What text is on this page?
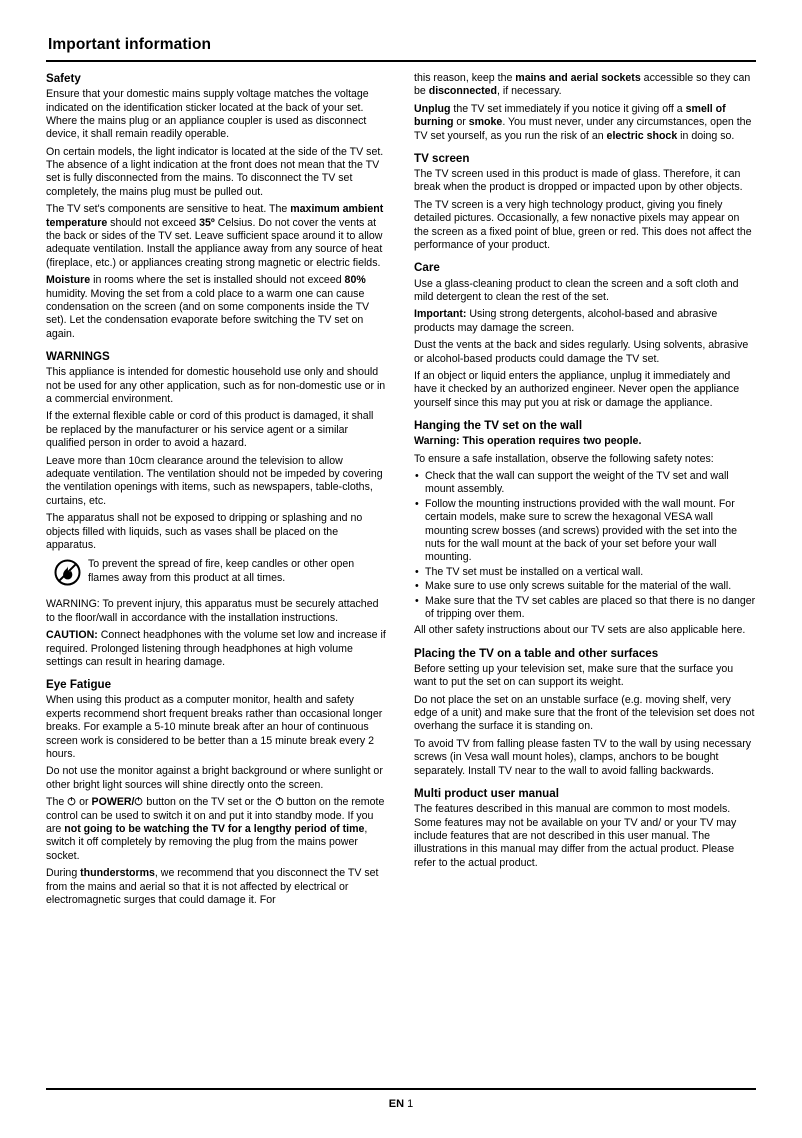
Important information
Safety

Ensure that your domestic mains supply voltage matches the voltage indicated on the identification sticker located at the back of your set. Where the mains plug or an appliance coupler is used as disconnect device, it shall remain readily operable.

On certain models, the light indicator is located at the side of the TV set. The absence of a light indication at the front does not mean that the TV set is fully disconnected from the mains. To disconnect the TV set completely, the mains plug must be pulled out.

The TV set's components are sensitive to heat. The maximum ambient temperature should not exceed 35º Celsius. Do not cover the vents at the back or sides of the TV set. Leave sufficient space around it to allow adequate ventilation. Install the appliance away from any source of heat (fireplace, etc.) or appliances creating strong magnetic or electric fields.

Moisture in rooms where the set is installed should not exceed 80% humidity. Moving the set from a cold place to a warm one can cause condensation on the screen (and on some components inside the TV set). Let the condensation evaporate before switching the TV set on again.

WARNINGS

This appliance is intended for domestic household use only and should not be used for any other application, such as for non-domestic use or in a commercial environment.

If the external flexible cable or cord of this product is damaged, it shall be replaced by the manufacturer or his service agent or a similar qualified person in order to avoid a hazard.

Leave more than 10cm clearance around the television to allow adequate ventilation. The ventilation should not be impeded by covering the ventilation openings with items, such as newspapers, table-cloths, curtains, etc.

The apparatus shall not be exposed to dripping or splashing and no objects filled with liquids, such as vases shall be placed on the apparatus.

To prevent the spread of fire, keep candles or other open flames away from this product at all times.

WARNING: To prevent injury, this apparatus must be securely attached to the floor/wall in accordance with the installation instructions.

CAUTION: Connect headphones with the volume set low and increase if required. Prolonged listening through headphones at high volume settings can result in hearing damage.

Eye Fatigue

When using this product as a computer monitor, health and safety experts recommend short frequent breaks rather than occasional longer breaks. For example a 5-10 minute break after an hour of continuous screen work is considered to be better than a 15 minute break every 2 hours.

Do not use the monitor against a bright background or where sunlight or other bright light sources will shine directly onto the screen.

The
or POWER/
button on the TV set or the
button on the remote control can be used to switch it on and put it into standby mode. If you are not going to be watching the TV for a lengthy period of time, switch it off completely by removing the plug from the mains power socket.

During thunderstorms, we recommend that you disconnect the TV set from the mains and aerial so that it is not affected by electrical or electromagnetic surges that could damage it. For

this reason, keep the mains and aerial sockets accessible so they can be disconnected, if necessary.

Unplug the TV set immediately if you notice it giving off a smell of burning or smoke. You must never, under any circumstances, open the TV set yourself, as you run the risk of an electric shock in doing so.

TV screen

The TV screen used in this product is made of glass. Therefore, it can break when the product is dropped or impacted upon by other objects.

The TV screen is a very high technology product, giving you finely detailed pictures. Occasionally, a few nonactive pixels may appear on the screen as a fixed point of blue, green or red. This does not affect the performance of your product.

Care

Use a glass-cleaning product to clean the screen and a soft cloth and mild detergent to clean the rest of the set.

Important: Using strong detergents, alcohol-based and abrasive products may damage the screen.

Dust the vents at the back and sides regularly. Using solvents, abrasive or alcohol-based products could damage the TV set.

If an object or liquid enters the appliance, unplug it immediately and have it checked by an authorized engineer. Never open the appliance yourself since this may put you at risk or damage the appliance.

Hanging the TV set on the wall

Warning: This operation requires two people.

To ensure a safe installation, observe the following safety notes:

• Check that the wall can support the weight of the TV set and wall mount assembly.
• Follow the mounting instructions provided with the wall mount. For certain models, make sure to screw the hexagonal VESA wall mounting screw bosses (and screws) provided with the set into the nuts for the wall mount at the back of your set before your wall mounting.
• The TV set must be installed on a vertical wall.
• Make sure to use only screws suitable for the material of the wall.
• Make sure that the TV set cables are placed so that there is no danger of tripping over them.

All other safety instructions about our TV sets are also applicable here.

Placing the TV on a table and other surfaces

Before setting up your television set, make sure that the surface you want to put the set on can support its weight.

Do not place the set on an unstable surface (e.g. moving shelf, very edge of a unit) and make sure that the front of the television set does not overhang the surface it is standing on.

To avoid TV from falling please fasten TV to the wall by using necessary screws (in Vesa wall mount holes), clamps, anchors to be bought separately. Install TV near to the wall to avoid falling backwards.

Multi product user manual

The features described in this manual are common to most models. Some features may not be available on your TV and/ or your TV may include features that are not described in this user manual. The illustrations in this manual may differ from the actual product. Please refer to the actual product.

EN 1
